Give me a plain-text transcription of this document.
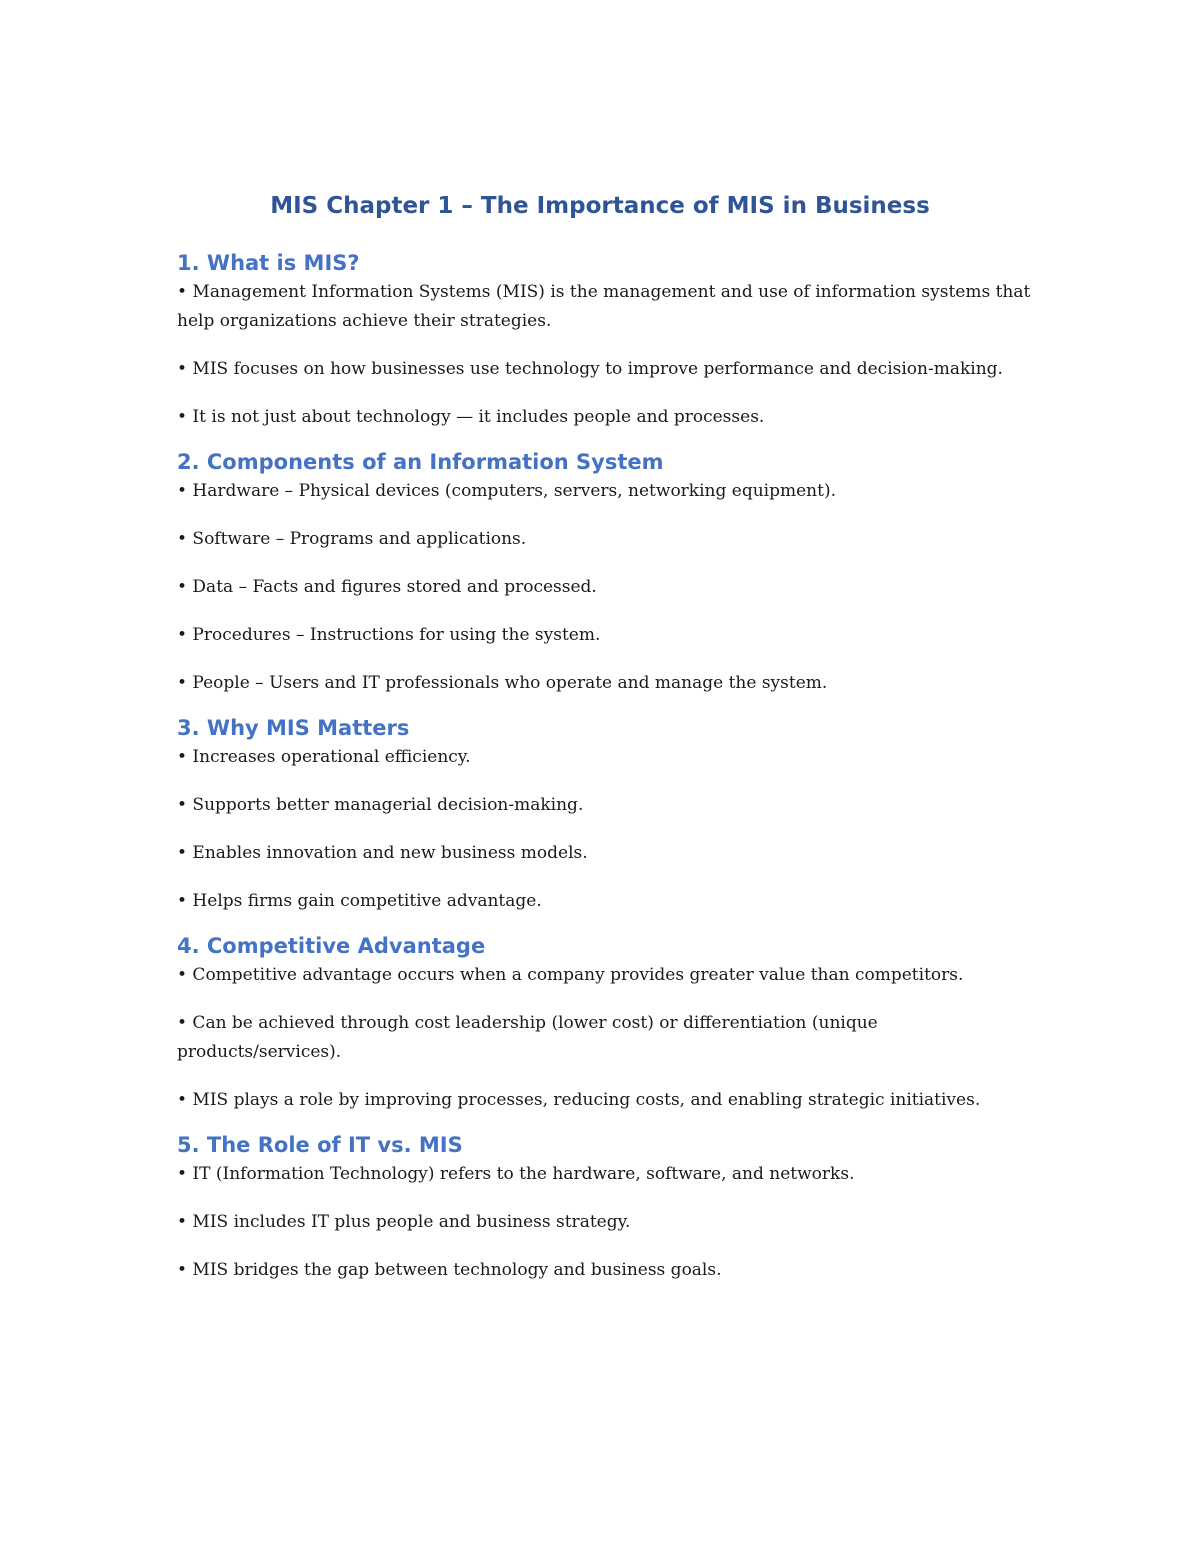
MIS Chapter 1 – The Importance of MIS in Business
1. What is MIS?

• Management Information Systems (MIS) is the management and use of information systems that help organizations achieve their strategies.

• MIS focuses on how businesses use technology to improve performance and decision-making.

• It is not just about technology — it includes people and processes.

2. Components of an Information System

• Hardware – Physical devices (computers, servers, networking equipment).

• Software – Programs and applications.

• Data – Facts and figures stored and processed.

• Procedures – Instructions for using the system.

• People – Users and IT professionals who operate and manage the system.

3. Why MIS Matters

• Increases operational efficiency.

• Supports better managerial decision-making.

• Enables innovation and new business models.

• Helps firms gain competitive advantage.

4. Competitive Advantage

• Competitive advantage occurs when a company provides greater value than competitors.

• Can be achieved through cost leadership (lower cost) or differentiation (unique products/services).

• MIS plays a role by improving processes, reducing costs, and enabling strategic initiatives.

5. The Role of IT vs. MIS

• IT (Information Technology) refers to the hardware, software, and networks.

• MIS includes IT plus people and business strategy.

• MIS bridges the gap between technology and business goals.
